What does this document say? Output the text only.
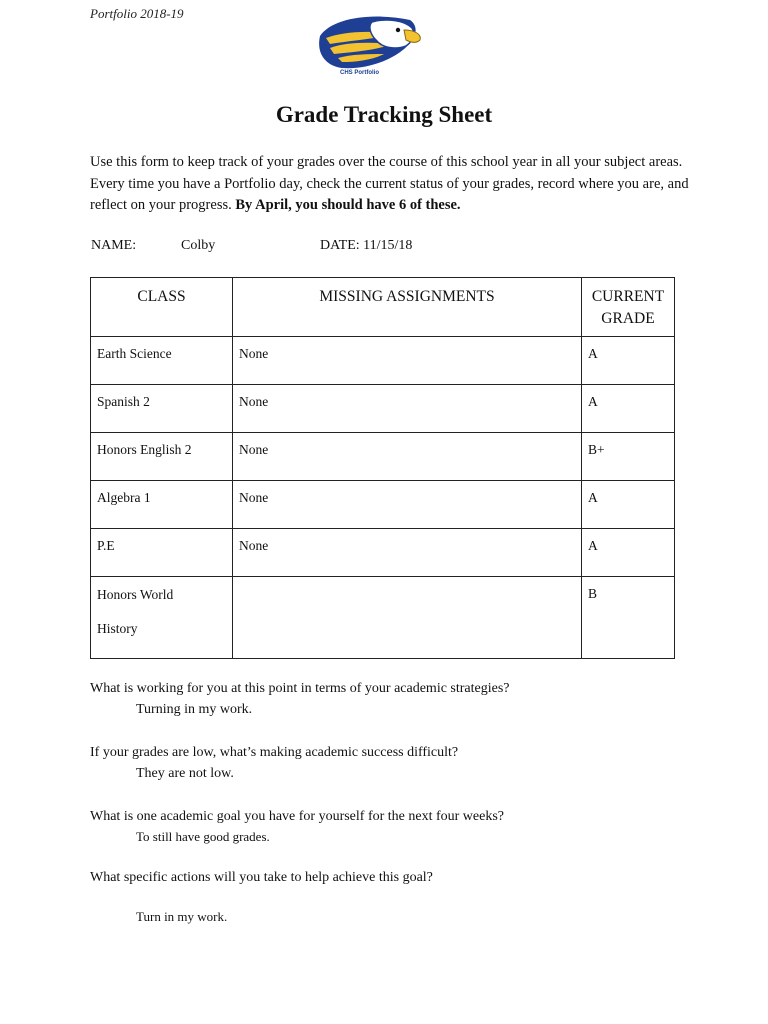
Portfolio 2018-19
CHS Portfolio
Grade Tracking Sheet
Use this form to keep track of your grades over the course of this school year in all your subject areas. Every time you have a Portfolio day, check the current status of your grades, record where you are, and reflect on your progress. By April, you should have 6 of these.
NAME:	Colby	DATE: 11/15/18
CLASS	MISSING ASSIGNMENTS	CURRENT GRADE
Earth Science	None	A
Spanish 2	None	A
Honors English 2	None	B+
Algebra 1	None	A
P.E	None	A

Honors World
History		B
What is working for you at this point in terms of your academic strategies?
Turning in my work.
If your grades are low, what’s making academic success difficult?
They are not low.
What is one academic goal you have for yourself for the next four weeks?
To still have good grades.
What specific actions will you take to help achieve this goal?
Turn in my work.
